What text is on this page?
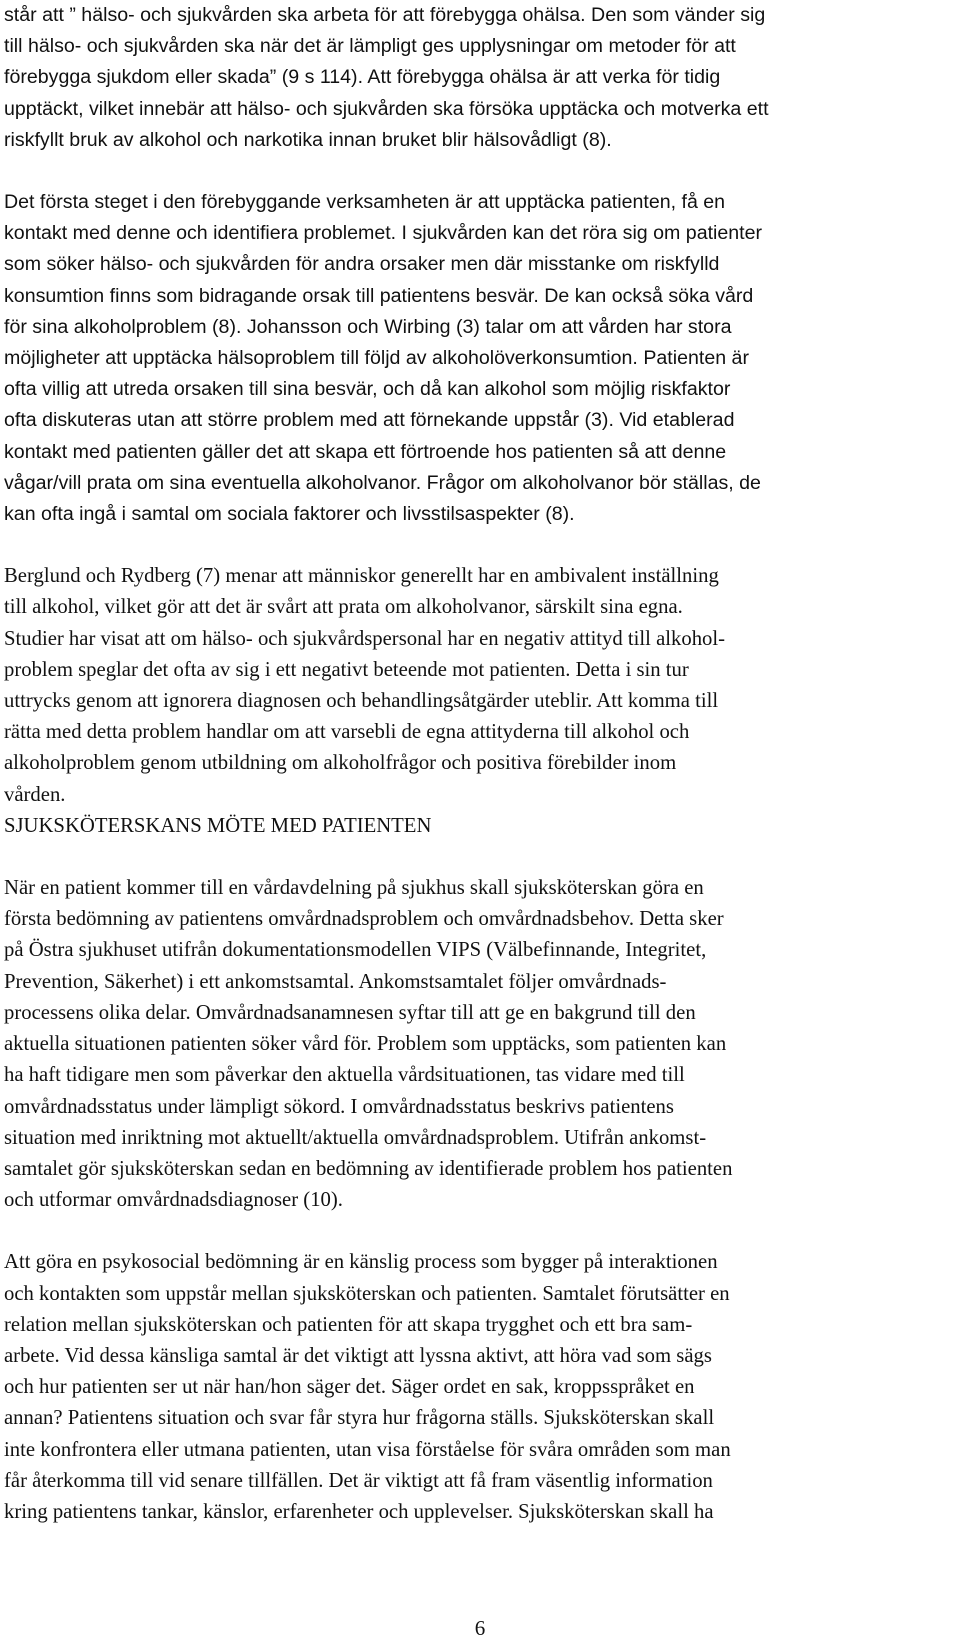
står att ” hälso- och sjukvården ska arbeta för att förebygga ohälsa. Den som vänder sig
till hälso- och sjukvården ska när det är lämpligt ges upplysningar om metoder för att
förebygga sjukdom eller skada” (9 s 114). Att förebygga ohälsa är att verka för tidig
upptäckt, vilket innebär att hälso- och sjukvården ska försöka upptäcka och motverka ett
riskfyllt bruk av alkohol och narkotika innan bruket blir hälsovådligt (8).

Det första steget i den förebyggande verksamheten är att upptäcka patienten, få en
kontakt med denne och identifiera problemet. I sjukvården kan det röra sig om patienter
som söker hälso- och sjukvården för andra orsaker men där misstanke om riskfylld
konsumtion finns som bidragande orsak till patientens besvär. De kan också söka vård
för sina alkoholproblem (8). Johansson och Wirbing (3) talar om att vården har stora
möjligheter att upptäcka hälsoproblem till följd av alkoholöverkonsumtion. Patienten är
ofta villig att utreda orsaken till sina besvär, och då kan alkohol som möjlig riskfaktor
ofta diskuteras utan att större problem med att förnekande uppstår (3). Vid etablerad
kontakt med patienten gäller det att skapa ett förtroende hos patienten så att denne
vågar/vill prata om sina eventuella alkoholvanor. Frågor om alkoholvanor bör ställas, de
kan ofta ingå i samtal om sociala faktorer och livsstilsaspekter (8).

Berglund och Rydberg (7) menar att människor generellt har en ambivalent inställning
till alkohol, vilket gör att det är svårt att prata om alkoholvanor, särskilt sina egna.
Studier har visat att om hälso- och sjukvårdspersonal har en negativ attityd till alkohol-
problem speglar det ofta av sig i ett negativt beteende mot patienten. Detta i sin tur
uttrycks genom att ignorera diagnosen och behandlingsåtgärder uteblir. Att komma till
rätta med detta problem handlar om att varsebli de egna attityderna till alkohol och
alkoholproblem genom utbildning om alkoholfrågor och positiva förebilder inom
vården.

SJUKSKÖTERSKANS MÖTE MED PATIENTEN

När en patient kommer till en vårdavdelning på sjukhus skall sjuksköterskan göra en
första bedömning av patientens omvårdnadsproblem och omvårdnadsbehov. Detta sker
på Östra sjukhuset utifrån dokumentationsmodellen VIPS (Välbefinnande, Integritet,
Prevention, Säkerhet) i ett ankomstsamtal. Ankomstsamtalet följer omvårdnads-
processens olika delar. Omvårdnadsanamnesen syftar till att ge en bakgrund till den
aktuella situationen patienten söker vård för. Problem som upptäcks, som patienten kan
ha haft tidigare men som påverkar den aktuella vårdsituationen, tas vidare med till
omvårdnadsstatus under lämpligt sökord. I omvårdnadsstatus beskrivs patientens
situation med inriktning mot aktuellt/aktuella omvårdnadsproblem. Utifrån ankomst-
samtalet gör sjuksköterskan sedan en bedömning av identifierade problem hos patienten
och utformar omvårdnadsdiagnoser (10).

Att göra en psykosocial bedömning är en känslig process som bygger på interaktionen
och kontakten som uppstår mellan sjuksköterskan och patienten. Samtalet förutsätter en
relation mellan sjuksköterskan och patienten för att skapa trygghet och ett bra sam-
arbete. Vid dessa känsliga samtal är det viktigt att lyssna aktivt, att höra vad som sägs
och hur patienten ser ut när han/hon säger det. Säger ordet en sak, kroppsspråket en
annan? Patientens situation och svar får styra hur frågorna ställs. Sjuksköterskan skall
inte konfrontera eller utmana patienten, utan visa förståelse för svåra områden som man
får återkomma till vid senare tillfällen. Det är viktigt att få fram väsentlig information
kring patientens tankar, känslor, erfarenheter och upplevelser. Sjuksköterskan skall ha

6
